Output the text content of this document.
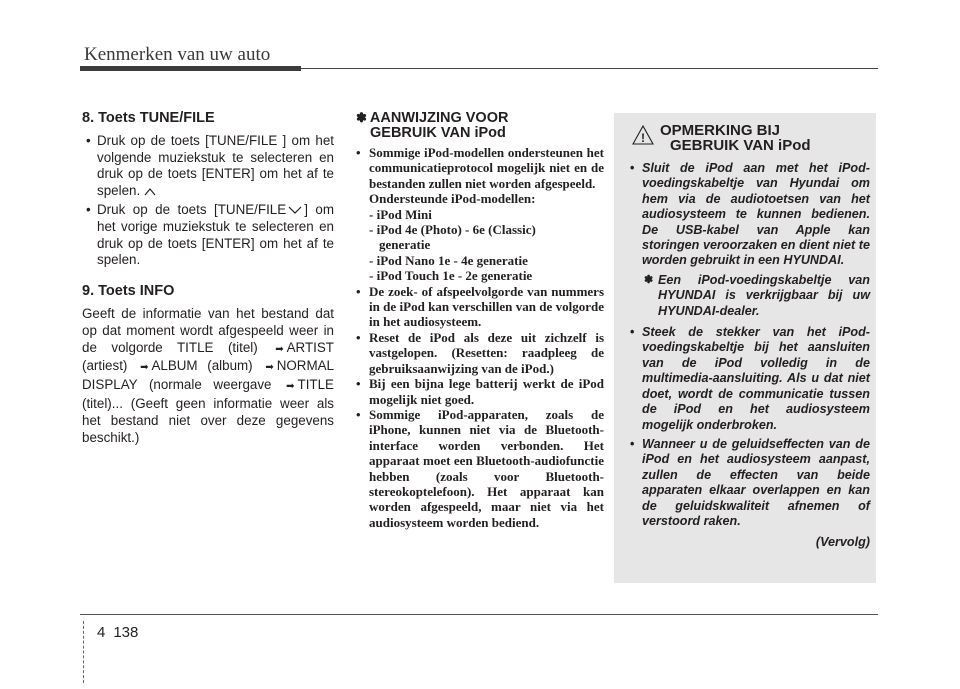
Kenmerken van uw auto
8. Toets TUNE/FILE
• Druk op de toets [TUNE/FILE ] om het volgende muziekstuk te selecteren en druk op de toets [ENTER] om het af te spelen.
• Druk op de toets [TUNE/FILE ] om het vorige muziekstuk te selecteren en druk op de toets [ENTER] om het af te spelen.
9. Toets INFO

Geeft de informatie van het bestand dat op dat moment wordt afgespeeld weer in de volgorde TITLE (titel) ➡ ARTIST (artiest) ➡ ALBUM (album) ➡ NORMAL DISPLAY (normale weergave ➡ TITLE (titel)... (Geeft geen informatie weer als het bestand niet over deze gegevens beschikt.)

✽ AANWIJZING VOOR
GEBRUIK VAN iPod
• Sommige iPod-modellen ondersteunen het communicatieprotocol mogelijk niet en de bestanden zullen niet worden afgespeeld.
Ondersteunde iPod-modellen:
- iPod Mini
- iPod 4e (Photo) - 6e (Classic)
generatie
- iPod Nano 1e - 4e generatie
- iPod Touch 1e - 2e generatie
• De zoek- of afspeelvolgorde van nummers in de iPod kan verschillen van de volgorde in het audiosysteem.
• Reset de iPod als deze uit zichzelf is vastgelopen. (Resetten: raadpleeg de gebruiksaanwijzing van de iPod.)
• Bij een bijna lege batterij werkt de iPod mogelijk niet goed.
• Sommige iPod-apparaten, zoals de iPhone, kunnen niet via de Bluetooth-interface worden verbonden. Het apparaat moet een Bluetooth-audiofunctie hebben (zoals voor Bluetooth-stereokoptelefoon). Het apparaat kan worden afgespeeld, maar niet via het audiosysteem worden bediend.
! OPMERKING BIJ
GEBRUIK VAN iPod
• Sluit de iPod aan met het iPod-voedingskabeltje van Hyundai om hem via de audiotoetsen van het audiosysteem te kunnen bedienen. De USB-kabel van Apple kan storingen veroorzaken en dient niet te worden gebruikt in een HYUNDAI.
✽ Een iPod-voedingskabeltje van HYUNDAI is verkrijgbaar bij uw HYUNDAI-dealer.
• Steek de stekker van het iPod-voedingskabeltje bij het aansluiten van de iPod volledig in de multimedia-aansluiting. Als u dat niet doet, wordt de communicatie tussen de iPod en het audiosysteem mogelijk onderbroken.
• Wanneer u de geluidseffecten van de iPod en het audiosysteem aanpast, zullen de effecten van beide apparaten elkaar overlappen en kan de geluidskwaliteit afnemen of verstoord raken.
(Vervolg)
4 138
